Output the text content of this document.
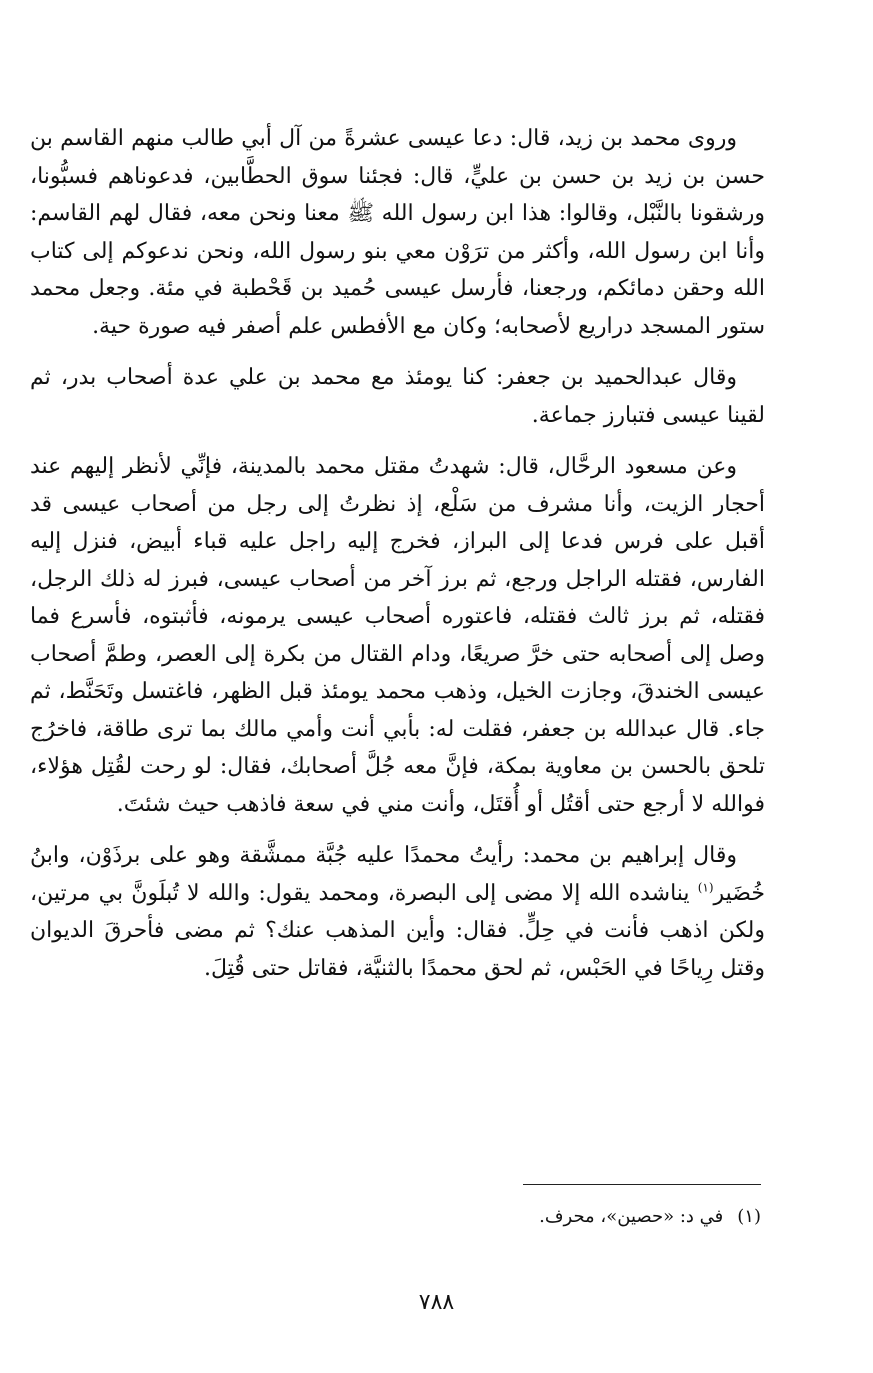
وروى محمد بن زيد، قال: دعا عيسى عشرةً من آل أبي طالب منهم القاسم بن حسن بن زيد بن حسن بن عليٍّ، قال: فجئنا سوق الحطَّابين، فدعوناهم فسبُّونا، ورشقونا بالنَّبْل، وقالوا: هذا ابن رسول الله ﷺ معنا ونحن معه، فقال لهم القاسم: وأنا ابن رسول الله، وأكثر من ترَوْن معي بنو رسول الله، ونحن ندعوكم إلى كتاب الله وحقن دمائكم، ورجعنا، فأرسل عيسى حُميد بن قَحْطبة في مئة. وجعل محمد ستور المسجد دراريع لأصحابه؛ وكان مع الأفطس علم أصفر فيه صورة حية.

وقال عبدالحميد بن جعفر: كنا يومئذ مع محمد بن علي عدة أصحاب بدر، ثم لقينا عيسى فتبارز جماعة.

وعن مسعود الرحَّال، قال: شهدتُ مقتل محمد بالمدينة، فإنِّي لأنظر إليهم عند أحجار الزيت، وأنا مشرف من سَلْع، إذ نظرتُ إلى رجل من أصحاب عيسى قد أقبل على فرس فدعا إلى البراز، فخرج إليه راجل عليه قباء أبيض، فنزل إليه الفارس، فقتله الراجل ورجع، ثم برز آخر من أصحاب عيسى، فبرز له ذلك الرجل، فقتله، ثم برز ثالث فقتله، فاعتوره أصحاب عيسى يرمونه، فأثبتوه، فأسرع فما وصل إلى أصحابه حتى خرَّ صريعًا، ودام القتال من بكرة إلى العصر، وطمَّ أصحاب عيسى الخندقَ، وجازت الخيل، وذهب محمد يومئذ قبل الظهر، فاغتسل وتَحَنَّط، ثم جاء. قال عبدالله بن جعفر، فقلت له: بأبي أنت وأمي مالك بما ترى طاقة، فاخرُج تلحق بالحسن بن معاوية بمكة، فإنَّ معه جُلَّ أصحابك، فقال: لو رحت لقُتِل هؤلاء، فوالله لا أرجع حتى أقتُل أو أُقتَل، وأنت مني في سعة فاذهب حيث شئتَ.

وقال إبراهيم بن محمد: رأيتُ محمدًا عليه جُبَّة ممشَّقة وهو على برذَوْن، وابنُ خُضَير$^{(١)}$ يناشده الله إلا مضى إلى البصرة، ومحمد يقول: والله لا تُبلَونَّ بي مرتين، ولكن اذهب فأنت في حِلٍّ. فقال: وأين المذهب عنك؟ ثم مضى فأحرقَ الديوان وقتل رِياحًا في الحَبْس، ثم لحق محمدًا بالثنيَّة، فقاتل حتى قُتِلَ.

(١)في د: «حصين»، محرف.
٧٨٨
